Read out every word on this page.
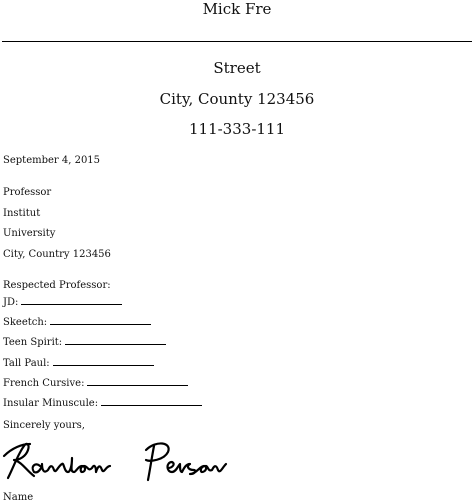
Mick Fre
Street
City, County 123456
111-333-111
September 4, 2015
Professor
Institut
University
City, Country 123456
Respected Professor:
JD:
Skeetch:
Teen Spirit:
Tall Paul:
French Cursive:
Insular Minuscule:
Sincerely yours,
Name
